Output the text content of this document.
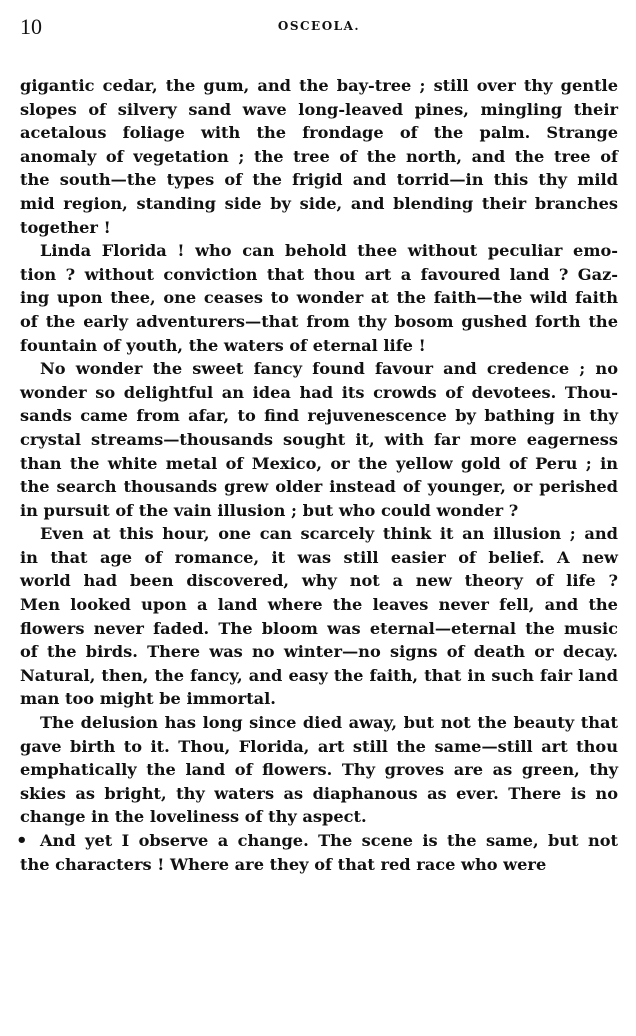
10	OSCEOLA.
gigantic cedar, the gum, and the bay-tree ; still over thy gentle
slopes of silvery sand wave long-leaved pines, mingling their
acetalous foliage with the frondage of the palm. Strange
anomaly of vegetation ; the tree of the north, and the tree of
the south—the types of the frigid and torrid—in this thy mild
mid region, standing side by side, and blending their branches
together !
Linda Florida ! who can behold thee without peculiar emo-
tion ? without conviction that thou art a favoured land ? Gaz-
ing upon thee, one ceases to wonder at the faith—the wild faith
of the early adventurers—that from thy bosom gushed forth the
fountain of youth, the waters of eternal life !
No wonder the sweet fancy found favour and credence ; no
wonder so delightful an idea had its crowds of devotees. Thou-
sands came from afar, to find rejuvenescence by bathing in thy
crystal streams—thousands sought it, with far more eagerness
than the white metal of Mexico, or the yellow gold of Peru ; in
the search thousands grew older instead of younger, or perished
in pursuit of the vain illusion ; but who could wonder ?
Even at this hour, one can scarcely think it an illusion ; and
in that age of romance, it was still easier of belief. A new
world had been discovered, why not a new theory of life ?
Men looked upon a land where the leaves never fell, and the
flowers never faded. The bloom was eternal—eternal the music
of the birds. There was no winter—no signs of death or decay.
Natural, then, the fancy, and easy the faith, that in such fair land
man too might be immortal.
The delusion has long since died away, but not the beauty that
gave birth to it. Thou, Florida, art still the same—still art thou
emphatically the land of flowers. Thy groves are as green, thy
skies as bright, thy waters as diaphanous as ever. There is no
change in the loveliness of thy aspect.
• And yet I observe a change. The scene is the same, but not
the characters ! Where are they of that red race who were
